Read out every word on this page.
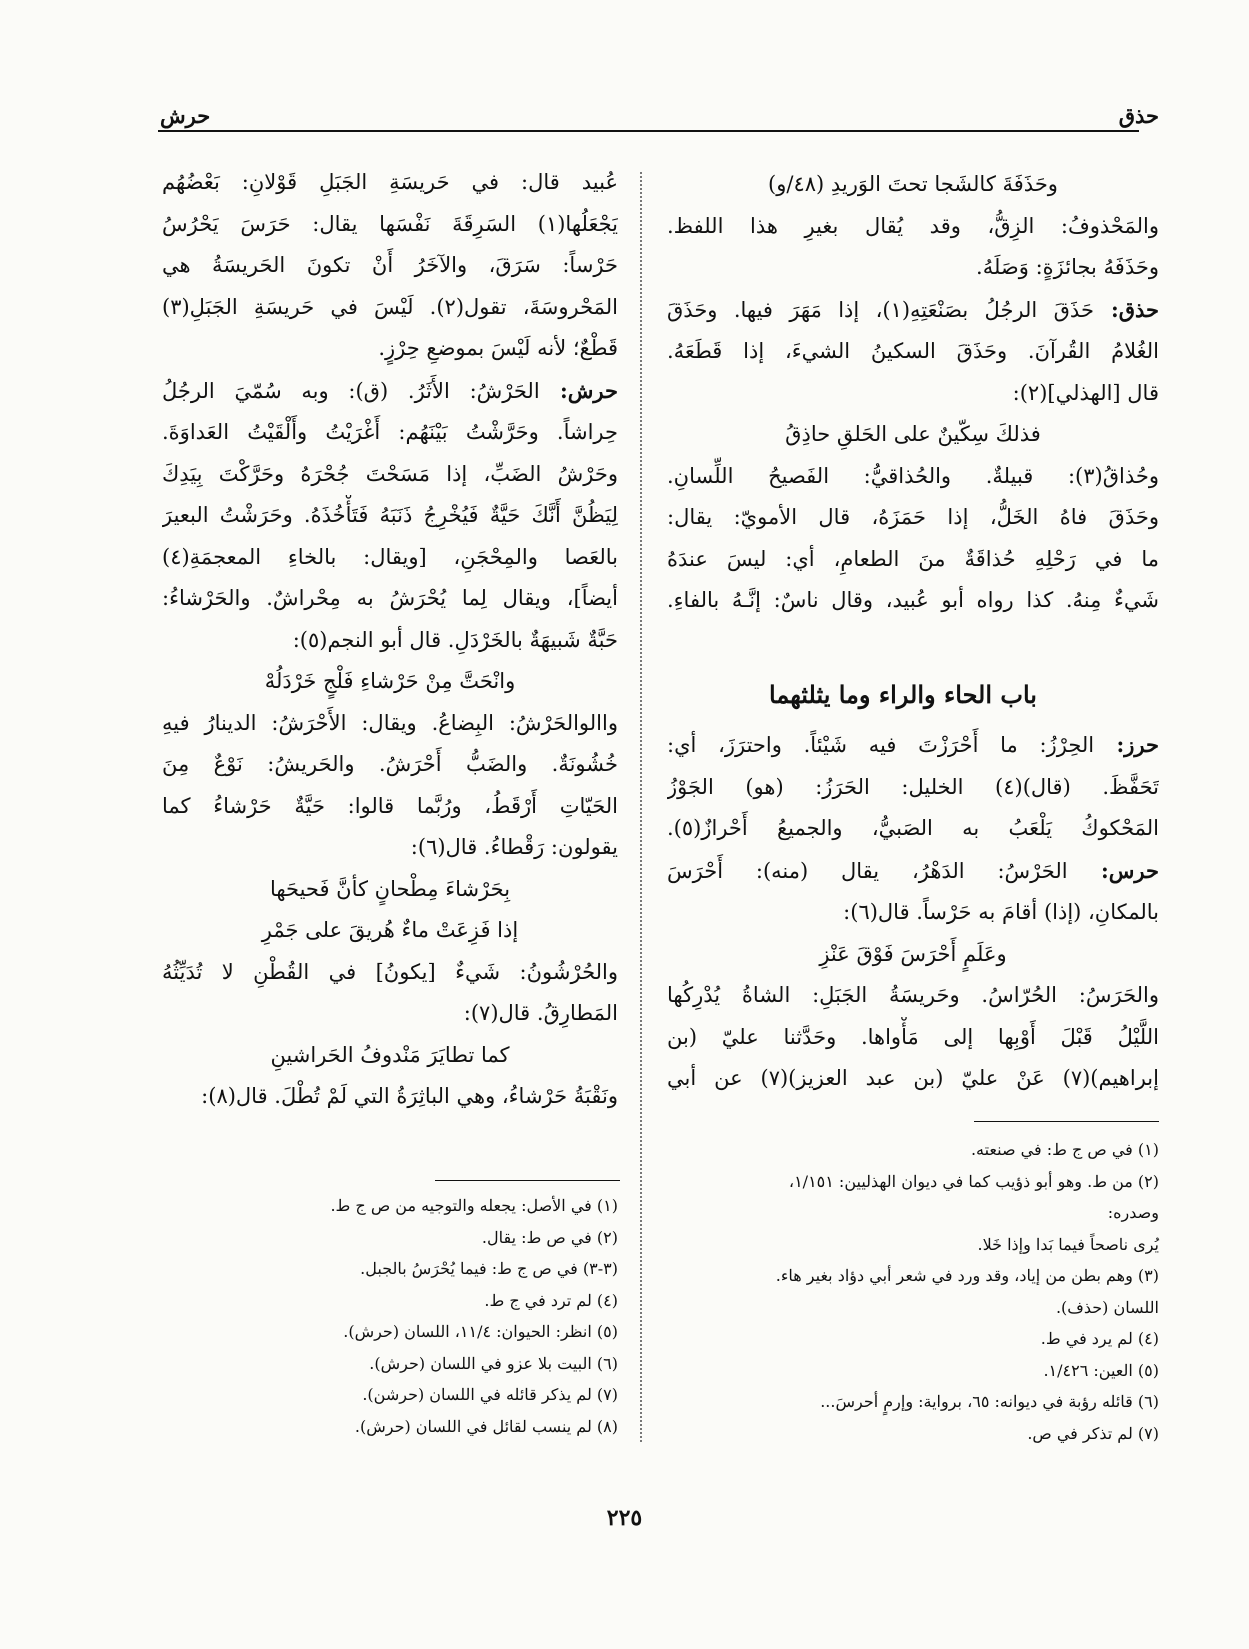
حذق
حرش
وحَذَفَةَ كالشَجا تحتَ الوَريدِ (٤٨/و)
والمَحْذوفُ: الزِقُّ، وقد يُقال بغيرِ هذا اللفظ.
وحَذَفَهُ بجائزَةٍ: وَصَلَهُ.
حذق: حَذَقَ الرجُلُ بصَنْعَتِهِ(١)، إذا مَهَرَ فيها. وحَذَقَ
الغُلامُ القُرآنَ. وحَذَقَ السكينُ الشيءَ، إذا قَطَعَهُ.
قال [الهذلي](٢):
فذلكَ سِكّينٌ على الحَلقِ حاذِقُ
وحُذاقُ(٣): قبيلةٌ. والحُذاقيُّ: الفَصيحُ اللِّسانِ.
وحَذَقَ فاهُ الخَلُّ، إذا حَمَزَهُ، قال الأمويّ: يقال:
ما في رَحْلِهِ حُذاقَةٌ منَ الطعامِ، أي: ليسَ عندَهُ
شَيءٌ مِنهُ. كذا رواه أبو عُبيد، وقال ناسٌ: إنَّـهُ بالفاءِ.
باب الحاء والراء وما يثلثهما
حرز: الحِرْزُ: ما أَحْرَزْتَ فيه شَيْئاً. واحترَزَ، أي:
تَحَفَّظَ. (قال)(٤) الخليل: الحَرَزُ: (هو) الجَوْزُ
المَحْكوكُ يَلْعَبُ به الصَبيُّ، والجميعُ أَحْرازٌ(٥).
حرس: الحَرْسُ: الدَهْرُ، يقال (منه): أَحْرَسَ
بالمكانِ، (إذا) أقامَ به حَرْساً. قال(٦):
وعَلَمٍ أَحْرَسَ فَوْقَ عَنْزِ
والحَرَسُ: الحُرّاسُ. وحَريسَةُ الجَبَلِ: الشاةُ يُدْرِكُها
اللَّيْلُ قَبْلَ أَوْبِها إلى مَأْواها. وحَدَّثنا عليّ (بن
إبراهيم)(٧) عَنْ عليّ (بن عبد العزيز)(٧) عن أبي
عُبيد قال: في حَريسَةِ الجَبَلِ قَوْلانِ: بَعْضُهُم
يَجْعَلُها(١) السَرِقَةَ نَفْسَها يقال: حَرَسَ يَحْرُسُ
حَرْساً: سَرَقَ، والآخَرُ أَنْ تكونَ الحَريسَةُ هي
المَحْروسَةَ، تقول(٢). لَيْسَ في حَريسَةِ الجَبَلِ(٣)
قَطْعٌ؛ لأنه لَيْسَ بموضعِ حِرْزٍ.
حرش: الحَرْشُ: الأَثَرُ. (ق): وبه سُمّيَ الرجُلُ
حِراشاً. وحَرَّشْتُ بَيْنَهُم: أَغْرَيْتُ وأَلْقَيْتُ العَداوَةَ.
وحَرْشُ الضَبِّ، إذا مَسَحْتَ جُحْرَهُ وحَرَّكْتَ بِيَدِكَ
لِيَظُنَّ أَنَّكَ حَيَّةٌ فَيُخْرِجُ ذَنَبَهُ فَتَأْخُذَهُ. وحَرَشْتُ البعيرَ
بالعَصا والمِحْجَنِ، [ويقال: بالخاءِ المعجمَةِ(٤)
أيضاً]، ويقال لِما يُحْرَشُ به مِحْراشٌ. والحَرْشاءُ:
حَبَّةٌ شَبيهَةٌ بالخَرْدَلِ. قال أبو النجم(٥):
وانْحَتَّ مِنْ حَرْشاءِ فَلْجٍ خَرْدَلُهْ
واالوالحَرْشُ: البِضاعُ. ويقال: الأَحْرَشُ: الدينارُ فيهِ
خُشُونَةٌ. والضَبُّ أَحْرَشُ. والحَريشُ: نَوْعٌ مِنَ
الحَيّاتِ أَرْقَطُ، ورُبَّما قالوا: حَيَّةٌ حَرْشاءُ كما
يقولون: رَقْطاءُ. قال(٦):
بِحَرْشاءَ مِطْحانٍ كأنَّ فَحيحَها
إذا فَزِعَتْ ماءٌ هُريقَ على جَمْرِ
والحُرْشُونُ: شَيءٌ [يكونُ] في القُطْنِ لا تُدَيِّثُهُ
المَطارِقُ. قال(٧):
كما تطايَرَ مَنْدوفُ الحَراشينِ
ونَقْبَةُ حَرْشاءُ، وهي الباثِرَةُ التي لَمْ تُطْلَ. قال(٨):
(١) في ص ج ط: في صنعته.
(٢) من ط. وهو أبو ذؤيب كما في ديوان الهذليين: ١/١٥١،
وصدره:
يُرى ناصحاً فيما بَدا وإذا خَلا.
(٣) وهم بطن من إياد، وقد ورد في شعر أبي دؤاد بغير هاء.
اللسان (حذف).
(٤) لم يرد في ط.
(٥) العين: ١/٤٢٦.
(٦) قائله رؤبة في ديوانه: ٦٥، برواية: وإرمٍ أحرسَ...
(٧) لم تذكر في ص.
(١) في الأصل: يجعله والتوجيه من ص ج ط.
(٢) في ص ط: يقال.
(٣-٣) في ص ج ط: فيما يُحْرَسُ بالجبل.
(٤) لم ترد في ج ط.
(٥) انظر: الحيوان: ١١/٤، اللسان (حرش).
(٦) البيت بلا عزو في اللسان (حرش).
(٧) لم يذكر قائله في اللسان (حرشن).
(٨) لم ينسب لقائل في اللسان (حرش).
٢٢٥
